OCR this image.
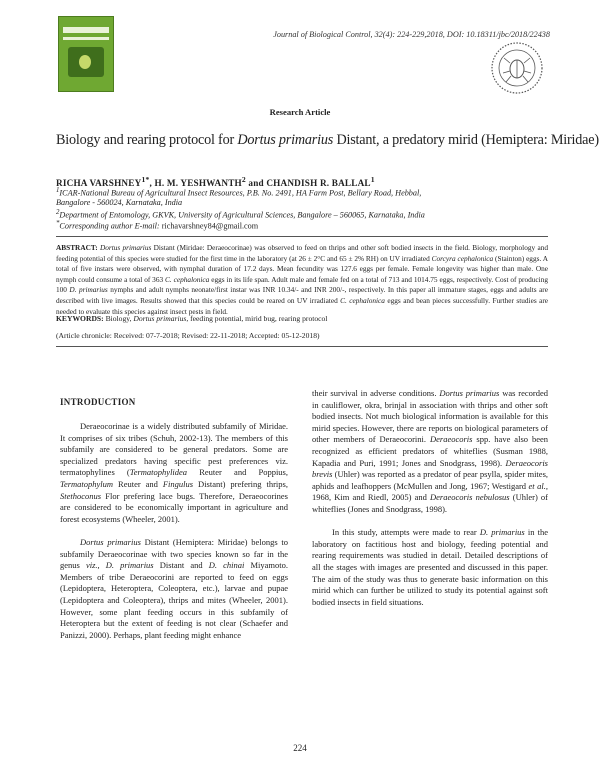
Journal of Biological Control, 32(4): 224-229,2018, DOI: 10.18311/jbc/2018/22438
Research Article
Biology and rearing protocol for Dortus primarius Distant, a predatory mirid (Hemiptera: Miridae)
RICHA $VARSHNEY^{1*}$, H. M. YESHWANTH$^2$ and CHANDISH R. BALLAL$^1$
$^1$ICAR-National Bureau of Agricultural Insect Resources, P.B. No. 2491, HA Farm Post, Bellary Road, Hebbal,
Bangalore - 560024, Karnataka, India
$^2$Department of Entomology, GKVK, University of Agricultural Sciences, Bangalore – 560065, Karnataka, India
*Corresponding author E-mail: richavarshney84@gmail.com
ABSTRACT: Dortus primarius Distant (Miridae: Deraeocorinae) was observed to feed on thrips and other soft bodied insects in the field. Biology, morphology and feeding potential of this species were studied for the first time in the laboratory (at 26 ± 2°C and 65 ± 2% RH) on UV irradiated Corcyra cephalonica (Stainton) eggs. A total of five instars were observed, with nymphal duration of 17.2 days. Mean fecundity was 127.6 eggs per female. Female longevity was higher than male. One nymph could consume a total of 363 C. cephalonica eggs in its life span. Adult male and female fed on a total of 713 and 1014.75 eggs, respectively. Cost of producing 100 D. primarius nymphs and adult nymphs neonate/first instar was INR 10.34/- and INR 200/-, respectively. In this paper all immature stages, eggs and adults are described with live images. Results showed that this species could be reared on UV irradiated C. cephalonica eggs and bean pieces successfully. Further studies are needed to evaluate this species against insect pests in field.
KEYWORDS: Biology, Dortus primarius, feeding potential, mirid bug, rearing protocol
(Article chronicle: Received: 07-7-2018; Revised: 22-11-2018; Accepted: 05-12-2018)
INTRODUCTION

Deraeocorinae is a widely distributed subfamily of Miridae. It comprises of six tribes (Schuh, 2002-13). The members of this subfamily are considered to be general predators. Some are specialized predators having specific pest preferences viz. termatophylines (Termatophylidea Reuter and Poppius, Termatophylum Reuter and Fingulus Distant) prefering thrips, Stethoconus Flor prefering lace bugs. Therefore, Deraeocorines are considered to be economically important in agriculture and forest ecosystems (Wheeler, 2001).

Dortus primarius Distant (Hemiptera: Miridae) belongs to subfamily Deraeocorinae with two species known so far in the genus viz., D. primarius Distant and D. chinai Miyamoto. Members of tribe Deraeocorini are reported to feed on eggs (Lepidoptera, Heteroptera, Coleoptera, etc.), larvae and pupae (Lepidoptera and Coleoptera), thrips and mites (Wheeler, 2001). However, some plant feeding occurs in this subfamily of Heteroptera but the extent of feeding is not clear (Schaefer and Panizzi, 2000). Perhaps, plant feeding might enhance

their survival in adverse conditions. Dortus primarius was recorded in cauliflower, okra, brinjal in association with thrips and other soft bodied insects. Not much biological information is available for this mirid species. However, there are reports on biological parameters of other members of Deraeocorini. Deraeocoris spp. have also been recognized as efficient predators of whiteflies (Susman 1988, Kapadia and Puri, 1991; Jones and Snodgrass, 1998). Deraeocoris brevis (Uhler) was reported as a predator of pear psylla, spider mites, aphids and leafhoppers (McMullen and Jong, 1967; Westigard et al., 1968, Kim and Riedl, 2005) and Deraeocoris nebulosus (Uhler) of whiteflies (Jones and Snodgrass, 1998).

In this study, attempts were made to rear D. primarius in the laboratory on factitious host and biology, feeding potential and rearing requirements was studied in detail. Detailed descriptions of all the stages with images are presented and discussed in this paper. The aim of the study was thus to generate basic information on this mirid which can further be utilized to study its potential against soft bodied insects in field situations.

224
